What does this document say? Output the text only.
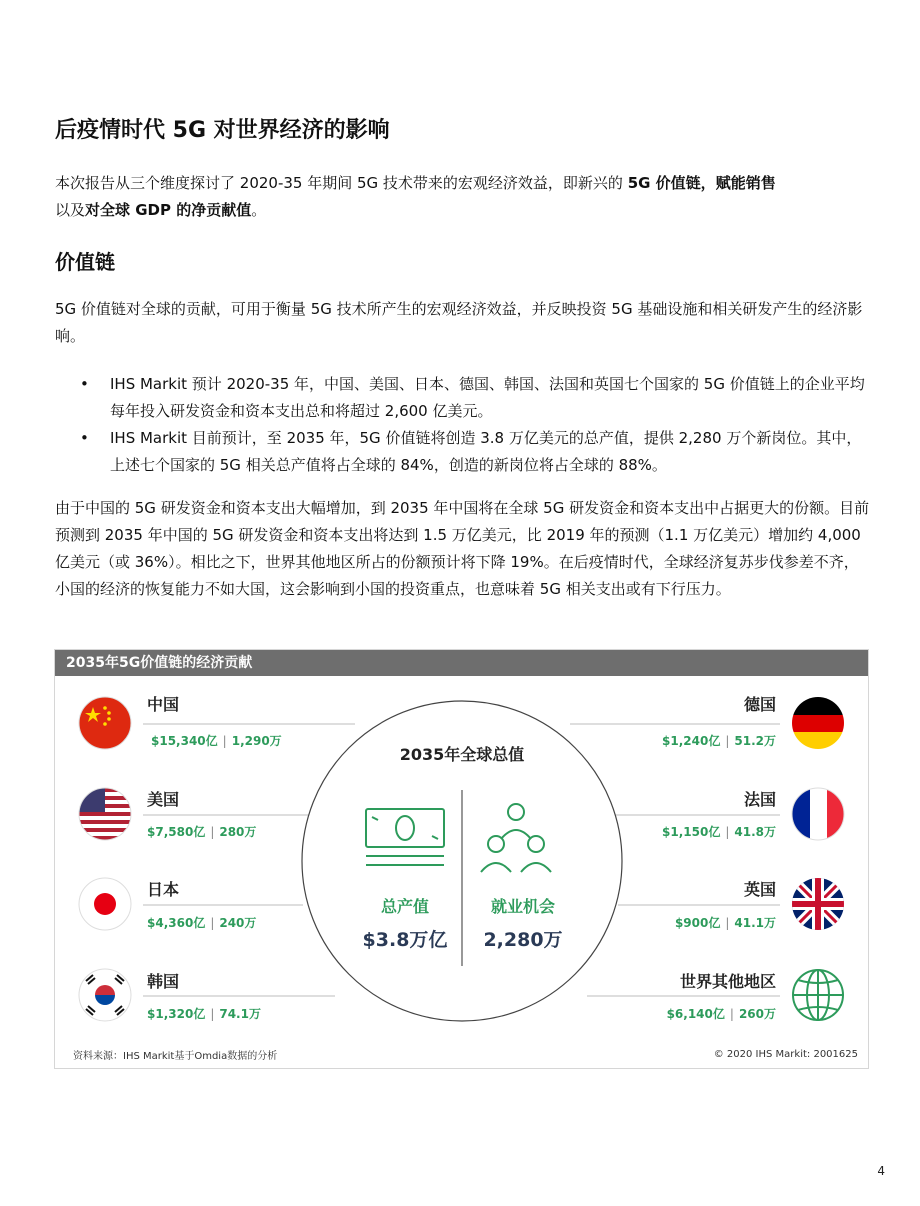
后疫情时代 5G 对世界经济的影响
本次报告从三个维度探讨了 2020-35 年期间 5G 技术带来的宏观经济效益，即新兴的 5G 价值链，赋能销售
以及对全球 GDP 的净贡献值。
价值链
5G 价值链对全球的贡献，可用于衡量 5G 技术所产生的宏观经济效益，并反映投资 5G 基础设施和相关研发产生的经济影响。
• IHS Markit 预计 2020-35 年，中国、美国、日本、德国、韩国、法国和英国七个国家的 5G 价值链上的企业平均每年投入研发资金和资本支出总和将超过 2,600 亿美元。
• IHS Markit 目前预计，至 2035 年，5G 价值链将创造 3.8 万亿美元的总产值，提供 2,280 万个新岗位。其中，上述七个国家的 5G 相关总产值将占全球的 84%，创造的新岗位将占全球的 88%。
由于中国的 5G 研发资金和资本支出大幅增加，到 2035 年中国将在全球 5G 研发资金和资本支出中占据更大的份额。目前预测到 2035 年中国的 5G 研发资金和资本支出将达到 1.5 万亿美元，比 2019 年的预测（1.1 万亿美元）增加约 4,000 亿美元（或 36%）。相比之下，世界其他地区所占的份额预计将下降 19%。在后疫情时代，全球经济复苏步伐参差不齐，小国的经济的恢复能力不如大国，这会影响到小国的投资重点，也意味着 5G 相关支出或有下行压力。
2035年5G价值链的经济贡献
中国
$15,340亿 | 1,290万
美国
$7,580亿 | 280万
日本
$4,360亿 | 240万
韩国
$1,320亿 | 74.1万
德国
$1,240亿 | 51.2万
法国
$1,150亿 | 41.8万
英国
$900亿 | 41.1万
世界其他地区
$6,140亿 | 260万
2035年全球总值
总产值
$3.8万亿
就业机会
2,280万
资料来源：IHS Markit基于Omdia数据的分析	© 2020 IHS Markit: 2001625
4
